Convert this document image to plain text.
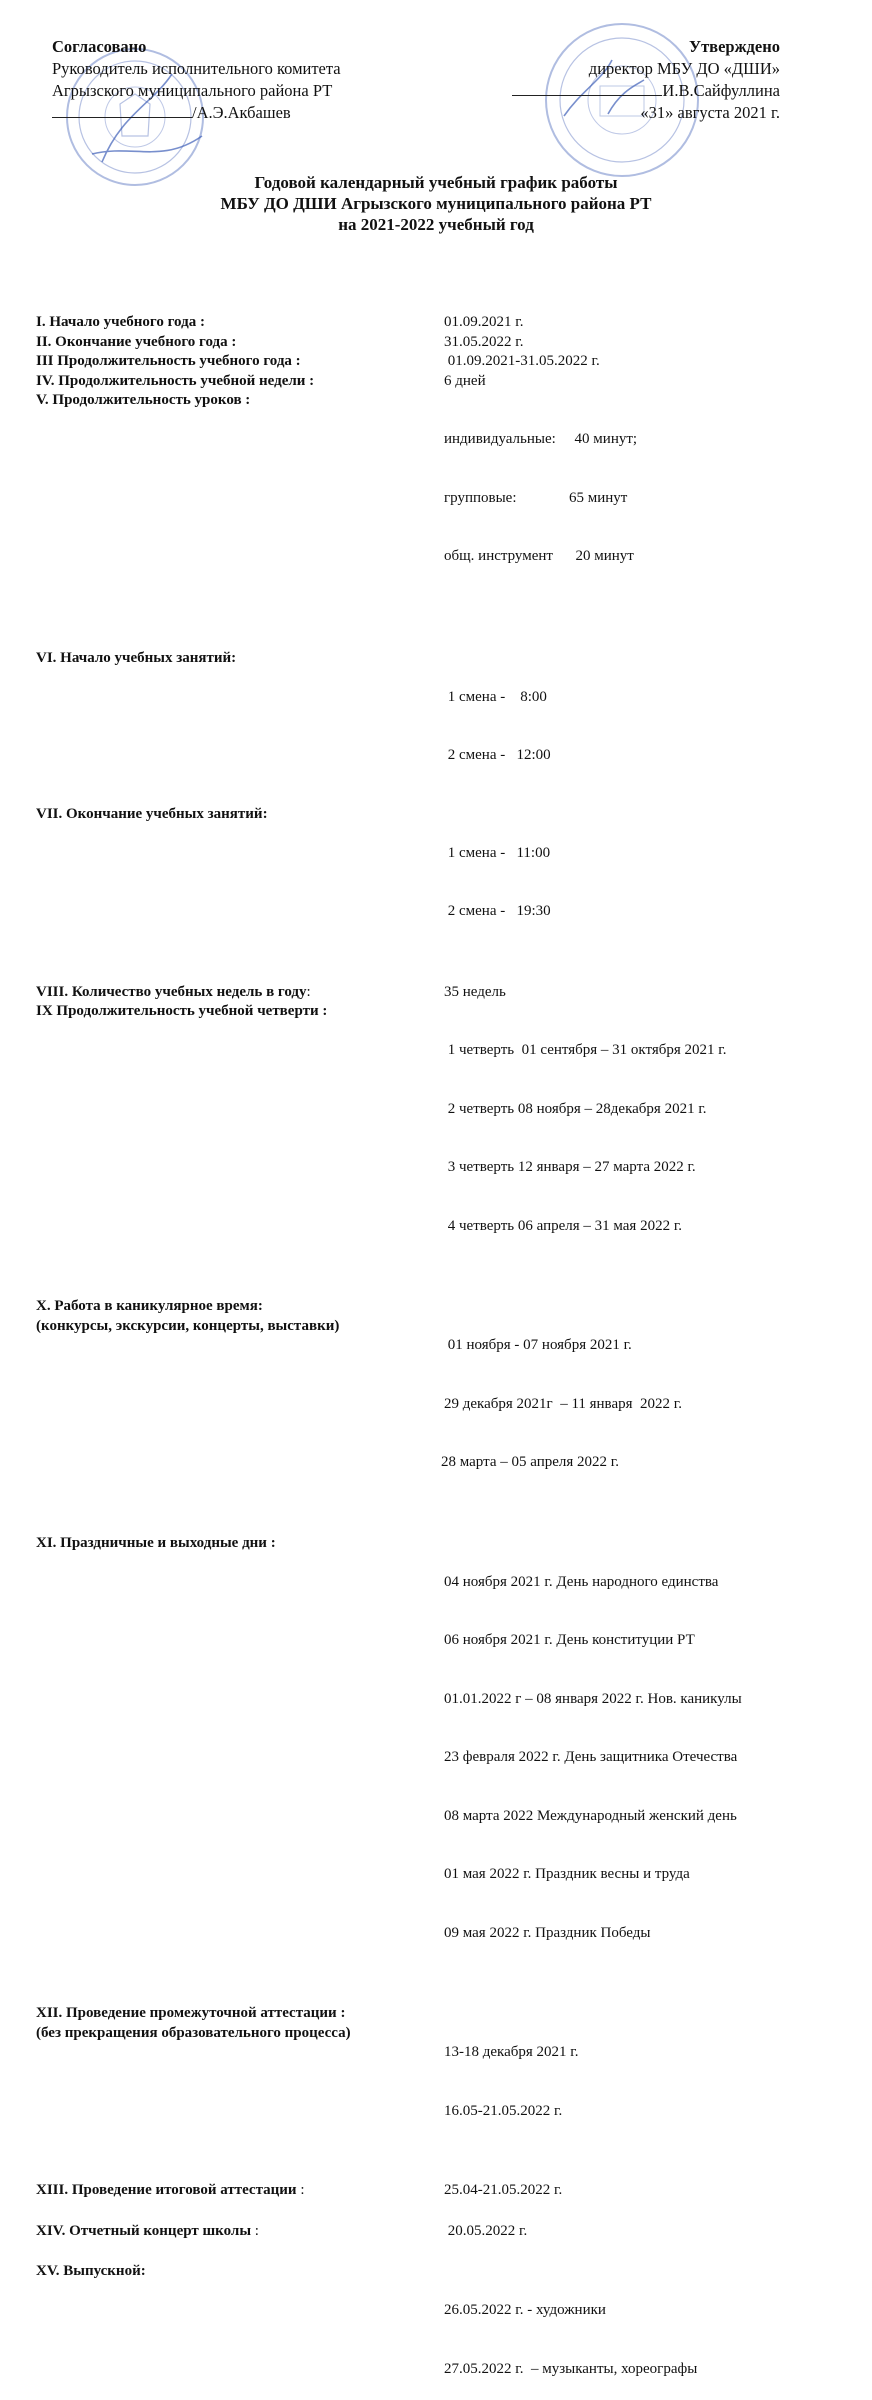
Согласовано
Руководитель исполнительного комитета
Агрызского муниципального района РТ
/А.Э.Акбашев
Утверждено
директор МБУ ДО «ДШИ»
И.В.Сайфуллина
«31» августа 2021 г.
Годовой календарный учебный график работы
МБУ ДО ДШИ Агрызского муниципального района РТ
на 2021-2022 учебный год
I. Начало учебного года :	01.09.2021 г.
II. Окончание учебного года :	31.05.2022 г.
III Продолжительность учебного года :	01.09.2021-31.05.2022 г.
IV. Продолжительность учебной недели :	6 дней
V. Продолжительность уроков :

индивидуальные:     40 минут;

групповые:              65 минут

общ. инструмент      20 минут

VI. Начало учебных занятий:

1 смена -    8:00

2 смена -   12:00

VII. Окончание учебных занятий:

1 смена -   11:00

2 смена -   19:30

VIII. Количество учебных недель в году:	35 недель
IX Продолжительность учебной четверти :

1 четверть  01 сентября – 31 октября 2021 г.

2 четверть 08 ноября – 28декабря 2021 г.

3 четверть 12 января – 27 марта 2022 г.

4 четверть 06 апреля – 31 мая 2022 г.

X. Работа в каникулярное время:
(конкурсы, экскурсии, концерты, выставки)

01 ноября - 07 ноября 2021 г.

29 декабря 2021г  – 11 января  2022 г.

28 марта – 05 апреля 2022 г.

XI. Праздничные и выходные дни :

04 ноября 2021 г. День народного единства

06 ноября 2021 г. День конституции РТ

01.01.2022 г – 08 января 2022 г. Нов. каникулы

23 февраля 2022 г. День защитника Отечества

08 марта 2022 Международный женский день

01 мая 2022 г. Праздник весны и труда

09 мая 2022 г. Праздник Победы

XII. Проведение промежуточной аттестации :
(без прекращения образовательного процесса)

13-18 декабря 2021 г.

16.05-21.05.2022 г.

XIII. Проведение итоговой аттестации :	25.04-21.05.2022 г.
XIV. Отчетный концерт школы :	20.05.2022 г.
XV. Выпускной:

26.05.2022 г. - художники

27.05.2022 г.  – музыканты, хореографы
